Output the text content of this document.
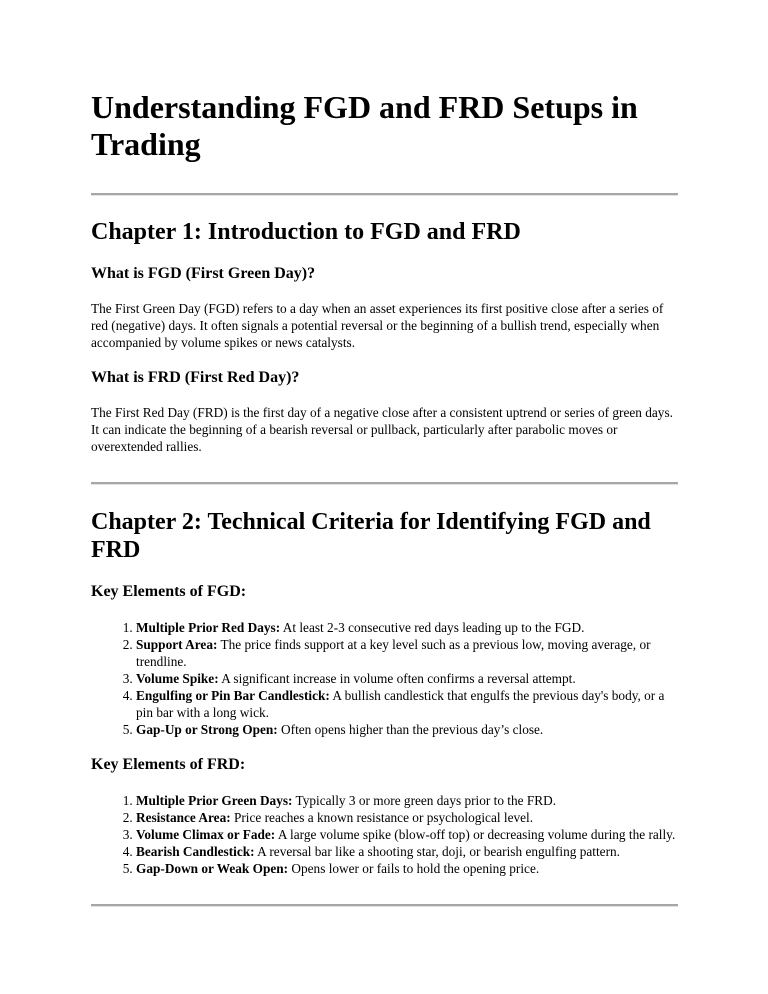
Understanding FGD and FRD Setups in Trading
Chapter 1: Introduction to FGD and FRD
What is FGD (First Green Day)?

The First Green Day (FGD) refers to a day when an asset experiences its first positive close after a series of red (negative) days. It often signals a potential reversal or the beginning of a bullish trend, especially when accompanied by volume spikes or news catalysts.

What is FRD (First Red Day)?

The First Red Day (FRD) is the first day of a negative close after a consistent uptrend or series of green days. It can indicate the beginning of a bearish reversal or pullback, particularly after parabolic moves or overextended rallies.

Chapter 2: Technical Criteria for Identifying FGD and FRD
Key Elements of FGD:
1. Multiple Prior Red Days: At least 2-3 consecutive red days leading up to the FGD.
2. Support Area: The price finds support at a key level such as a previous low, moving average, or trendline.
3. Volume Spike: A significant increase in volume often confirms a reversal attempt.
4. Engulfing or Pin Bar Candlestick: A bullish candlestick that engulfs the previous day's body, or a pin bar with a long wick.
5. Gap-Up or Strong Open: Often opens higher than the previous day’s close.
Key Elements of FRD:
1. Multiple Prior Green Days: Typically 3 or more green days prior to the FRD.
2. Resistance Area: Price reaches a known resistance or psychological level.
3. Volume Climax or Fade: A large volume spike (blow-off top) or decreasing volume during the rally.
4. Bearish Candlestick: A reversal bar like a shooting star, doji, or bearish engulfing pattern.
5. Gap-Down or Weak Open: Opens lower or fails to hold the opening price.
